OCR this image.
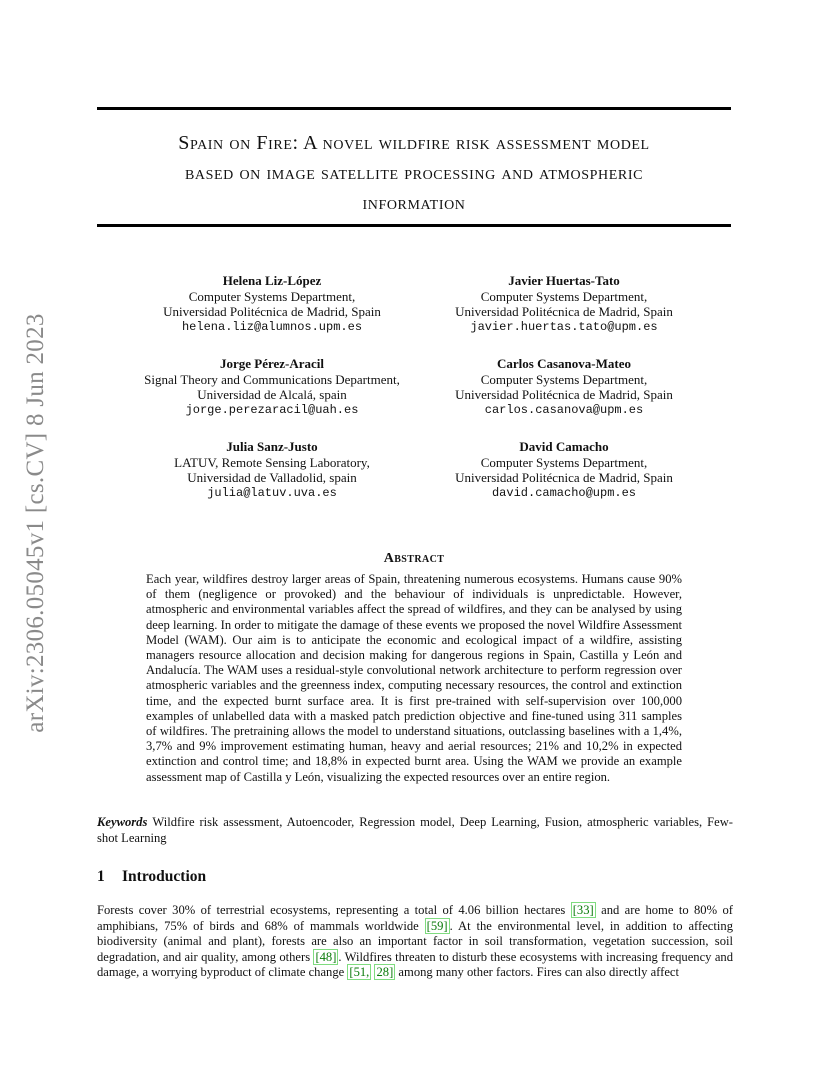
arXiv:2306.05045v1 [cs.CV] 8 Jun 2023
Spain on Fire: A novel wildfire risk assessment model
based on image satellite processing and atmospheric
information
Helena Liz-López
Computer Systems Department,
Universidad Politécnica de Madrid, Spain
helena.liz@alumnos.upm.es
Javier Huertas-Tato
Computer Systems Department,
Universidad Politécnica de Madrid, Spain
javier.huertas.tato@upm.es
Jorge Pérez-Aracil
Signal Theory and Communications Department,
Universidad de Alcalá, spain
jorge.perezaracil@uah.es
Carlos Casanova-Mateo
Computer Systems Department,
Universidad Politécnica de Madrid, Spain
carlos.casanova@upm.es
Julia Sanz-Justo
LATUV, Remote Sensing Laboratory,
Universidad de Valladolid, spain
julia@latuv.uva.es
David Camacho
Computer Systems Department,
Universidad Politécnica de Madrid, Spain
david.camacho@upm.es
Abstract

Each year, wildfires destroy larger areas of Spain, threatening numerous ecosystems. Humans cause 90% of them (negligence or provoked) and the behaviour of individuals is unpredictable. However, atmospheric and environmental variables affect the spread of wildfires, and they can be analysed by using deep learning. In order to mitigate the damage of these events we proposed the novel Wildfire Assessment Model (WAM). Our aim is to anticipate the economic and ecological impact of a wildfire, assisting managers resource allocation and decision making for dangerous regions in Spain, Castilla y León and Andalucía. The WAM uses a residual-style convolutional network architecture to perform regression over atmospheric variables and the greenness index, computing necessary resources, the control and extinction time, and the expected burnt surface area. It is first pre-trained with self-supervision over 100,000 examples of unlabelled data with a masked patch prediction objective and fine-tuned using 311 samples of wildfires. The pretraining allows the model to understand situations, outclassing baselines with a 1,4%, 3,7% and 9% improvement estimating human, heavy and aerial resources; 21% and 10,2% in expected extinction and control time; and 18,8% in expected burnt area. Using the WAM we provide an example assessment map of Castilla y León, visualizing the expected resources over an entire region.

Keywords Wildfire risk assessment, Autoencoder, Regression model, Deep Learning, Fusion, atmospheric variables, Few-shot Learning

1 Introduction

Forests cover 30% of terrestrial ecosystems, representing a total of 4.06 billion hectares [33] and are home to 80% of amphibians, 75% of birds and 68% of mammals worldwide [59] . At the environmental level, in addition to affecting biodiversity (animal and plant), forests are also an important factor in soil transformation, vegetation succession, soil degradation, and air quality, among others [48] . Wildfires threaten to disturb these ecosystems with increasing frequency and damage, a worrying byproduct of climate change [51, 28] among many other factors. Fires can also directly affect
